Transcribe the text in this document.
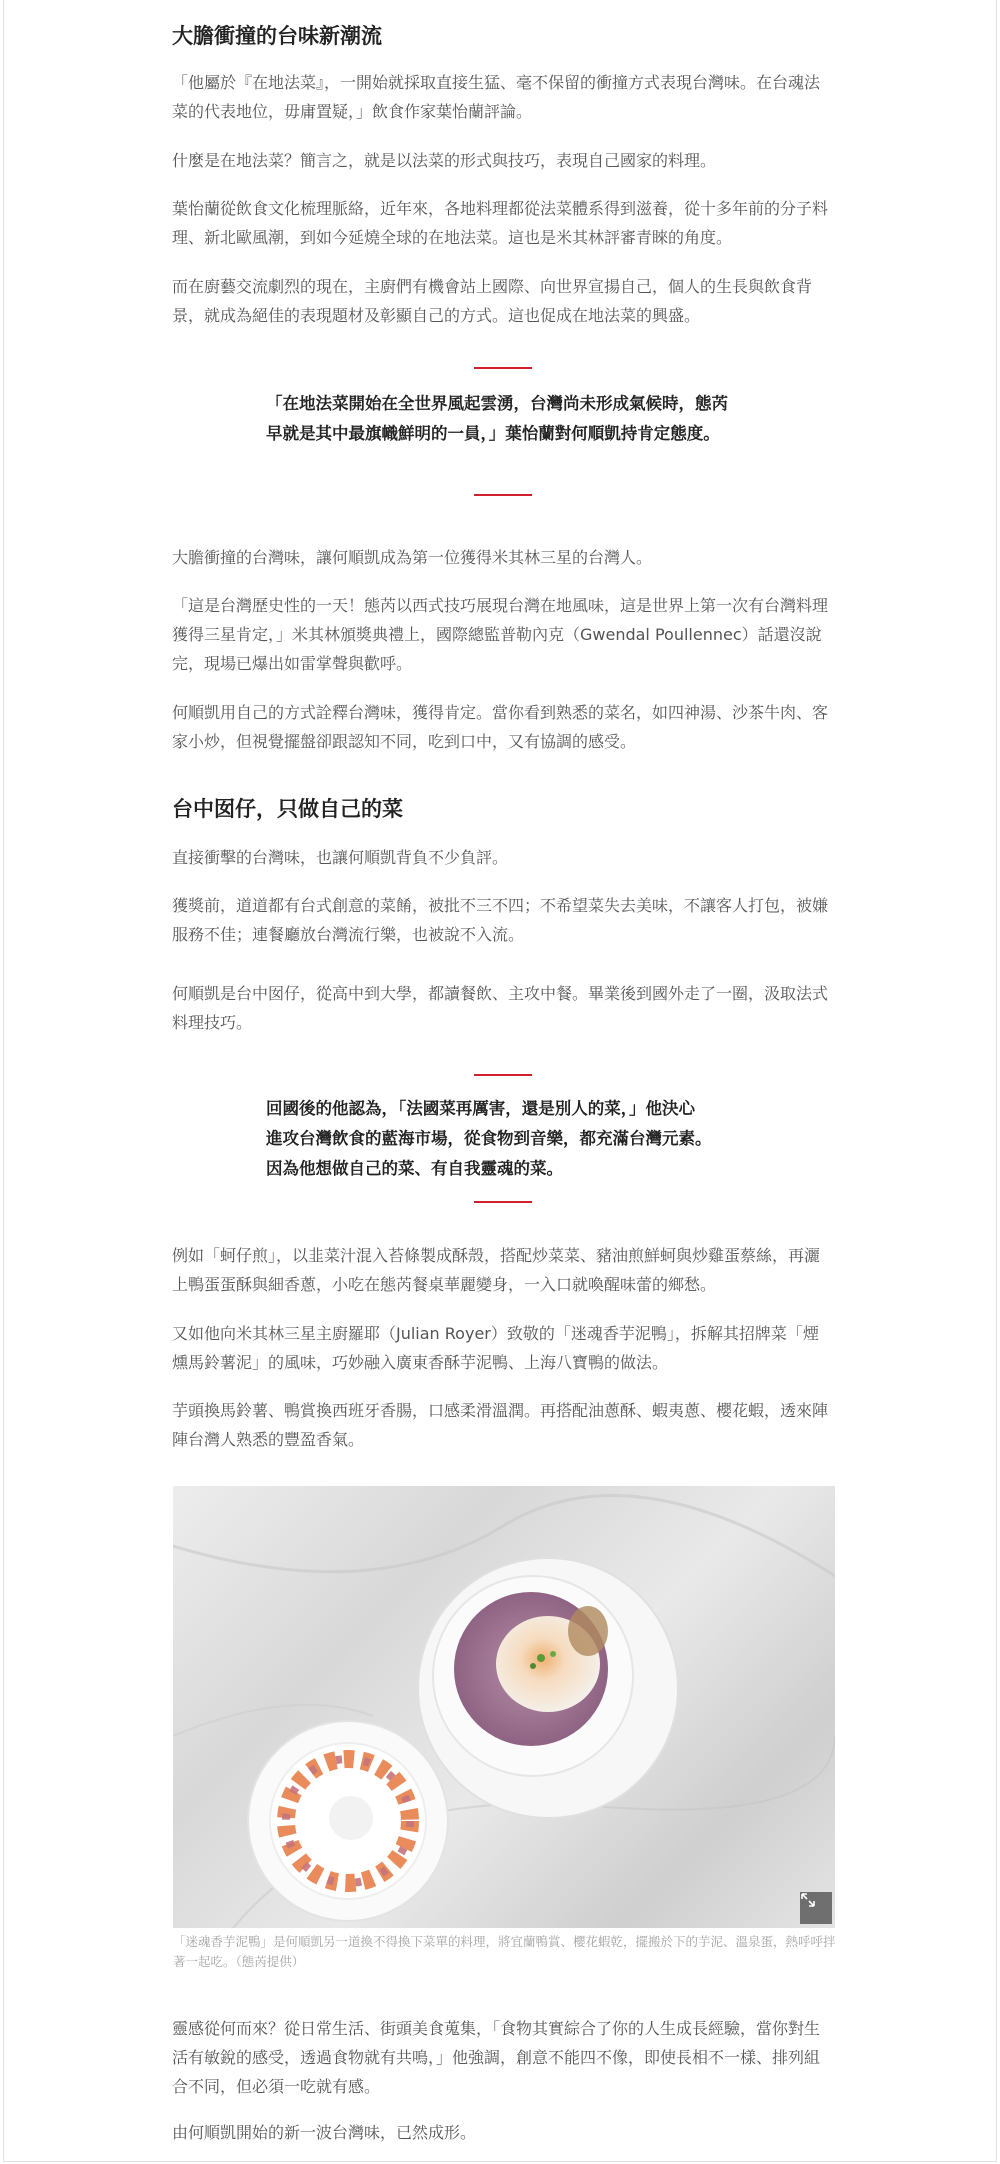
大膽衝撞的台味新潮流

「他屬於『在地法菜』，一開始就採取直接生猛、毫不保留的衝撞方式表現台灣味。在台魂法菜的代表地位，毋庸置疑，」飲食作家葉怡蘭評論。

什麼是在地法菜？簡言之，就是以法菜的形式與技巧，表現自己國家的料理。

葉怡蘭從飲食文化梳理脈絡，近年來，各地料理都從法菜體系得到滋養，從十多年前的分子料理、新北歐風潮，到如今延燒全球的在地法菜。這也是米其林評審青睞的角度。

而在廚藝交流劇烈的現在，主廚們有機會站上國際、向世界宣揚自己，個人的生長與飲食背景，就成為絕佳的表現題材及彰顯自己的方式。這也促成在地法菜的興盛。

「在地法菜開始在全世界風起雲湧，台灣尚未形成氣候時，態芮早就是其中最旗幟鮮明的一員，」葉怡蘭對何順凱持肯定態度。

大膽衝撞的台灣味，讓何順凱成為第一位獲得米其林三星的台灣人。

「這是台灣歷史性的一天！態芮以西式技巧展現台灣在地風味，這是世界上第一次有台灣料理獲得三星肯定，」米其林頒獎典禮上，國際總監普勒內克（Gwendal Poullennec）話還沒說完，現場已爆出如雷掌聲與歡呼。

何順凱用自己的方式詮釋台灣味，獲得肯定。當你看到熟悉的菜名，如四神湯、沙茶牛肉、客家小炒，但視覺擺盤卻跟認知不同，吃到口中，又有協調的感受。

台中囡仔，只做自己的菜

直接衝擊的台灣味，也讓何順凱背負不少負評。

獲獎前，道道都有台式創意的菜餚，被批不三不四；不希望菜失去美味，不讓客人打包，被嫌服務不佳；連餐廳放台灣流行樂，也被說不入流。

何順凱是台中囡仔，從高中到大學，都讀餐飲、主攻中餐。畢業後到國外走了一圈，汲取法式料理技巧。

回國後的他認為，「法國菜再厲害，還是別人的菜，」他決心
進攻台灣飲食的藍海市場，從食物到音樂，都充滿台灣元素。
因為他想做自己的菜、有自我靈魂的菜。

例如「蚵仔煎」，以韭菜汁混入苔條製成酥殼，搭配炒菜菜、豬油煎鮮蚵與炒雞蛋蔡絲，再灑上鴨蛋蛋酥與細香蔥，小吃在態芮餐桌華麗變身，一入口就喚醒味蕾的鄉愁。

又如他向米其林三星主廚羅耶（Julian Royer）致敬的「迷魂香芋泥鴨」，拆解其招牌菜「煙燻馬鈴薯泥」的風味，巧妙融入廣東香酥芋泥鴨、上海八寶鴨的做法。

芋頭換馬鈴薯、鴨賞換西班牙香腸，口感柔滑溫潤。再搭配油蔥酥、蝦夷蔥、櫻花蝦，透來陣陣台灣人熟悉的豐盈香氣。

「迷魂香芋泥鴨」是何順凱另一道換不得換下菜單的料理，將宜蘭鴨賞、櫻花蝦乾，擺搬於下的芋泥、溫泉蛋，熱呼呼拌著一起吃。（態芮提供）

靈感從何而來？從日常生活、街頭美食蒐集，「食物其實綜合了你的人生成長經驗，當你對生活有敏銳的感受，透過食物就有共鳴，」他強調，創意不能四不像，即使長相不一樣、排列組合不同，但必須一吃就有感。

由何順凱開始的新一波台灣味，已然成形。
